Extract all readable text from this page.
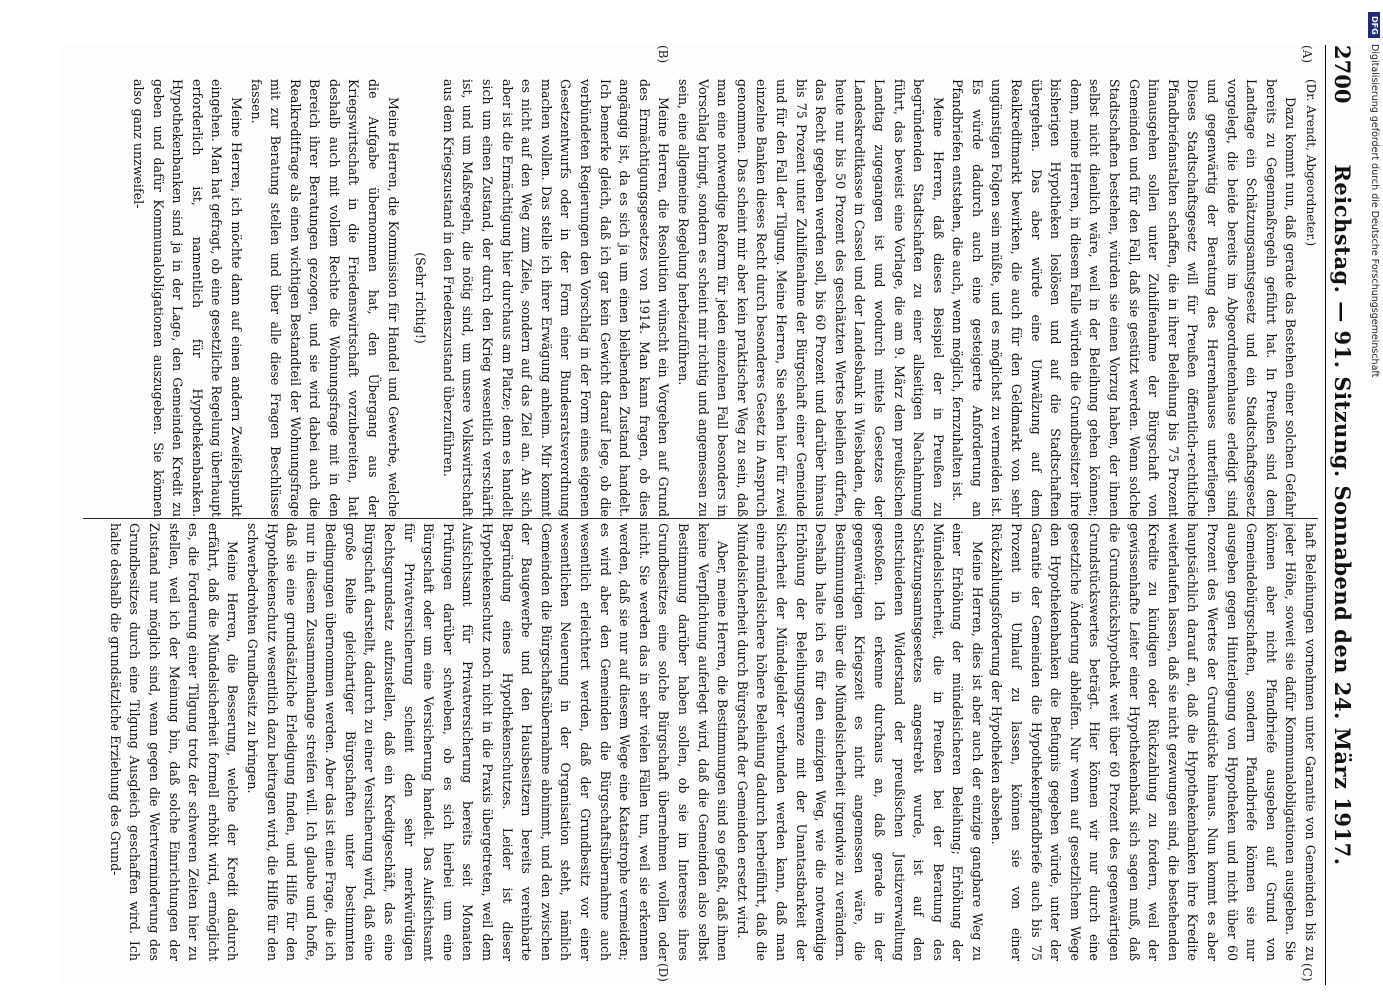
2700
Reichstag. — 91. Sitzung. Sonnabend den 24. März 1917.
(A)
(B)
(C)
(D)

(Dr. Arendt, Abgeordneter.)

Dazu kommt nun, daß gerade das Bestehen einer solchen Gefahr bereits zu Gegenmaßregeln geführt hat. In Preußen sind dem Landtage ein Schätzungsamtsgesetz und ein Stadtschaftsgesetz vorgelegt, die beide bereits im Abgeordnetenhause erledigt sind und gegenwärtig der Beratung des Herrenhauses unterliegen. Dieses Stadtschaftsgesetz will für Preußen öffentlich-rechtliche Pfandbriefanstalten schaffen, die in ihrer Beleihung bis 75 Prozent hinausgehen sollen unter Zuhilfenahme der Bürgschaft von Gemeinden und für den Fall, daß sie gestützt werden. Wenn solche Stadtschaften bestehen, würden sie einen Vorzug haben, der ihnen selbst nicht dienlich wäre, weil in der Beleihung gehen können; denn, meine Herren, in diesem Falle würden die Grundbesitzer ihre bisherigen Hypotheken loslösen und auf die Stadtschaften übergehen. Das aber würde eine Umwälzung auf dem Realkreditmarkt bewirken, die auch für den Geldmarkt von sehr ungünstigen Folgen sein müßte, und es möglichst zu vermeiden ist. Es würde dadurch auch eine gesteigerte Anforderung an Pfandbriefen entstehen, die auch, wenn möglich, fernzuhalten ist.

Meine Herren, daß dieses Beispiel der in Preußen zu begründenden Stadtschaften zu einer allseitigen Nachahmung führt, das beweist eine Vorlage, die am 9. März dem preußischen Landtag zugegangen ist und wodurch mittels Gesetzes der Landeskreditkasse in Cassel und der Landesbank in Wiesbaden, die heute nur bis 50 Prozent des geschätzten Wertes beleihen dürfen, das Recht gegeben werden soll, bis 60 Prozent und darüber hinaus bis 75 Prozent unter Zuhilfenahme der Bürgschaft einer Gemeinde und für den Fall der Tilgung. Meine Herren, Sie sehen hier für zwei einzelne Banken dieses Recht durch besonderes Gesetz in Anspruch genommen. Das scheint mir aber kein praktischer Weg zu sein, daß man eine notwendige Reform für jeden einzelnen Fall besonders in Vorschlag bringt, sondern es scheint mir richtig und angemessen zu sein, eine allgemeine Regelung herbeizuführen.

Meine Herren, die Resolution wünscht ein Vorgehen auf Grund des Ermächtigungsgesetzes von 1914. Man kann fragen, ob dies angängig ist, da es sich ja um einen bleibenden Zustand handelt. Ich bemerke gleich, daß ich gar kein Gewicht darauf lege, ob die verbündeten Regierungen den Vorschlag in der Form eines eigenen Gesetzentwurfs oder in der Form einer Bundesratsverordnung machen wollen. Das stelle ich ihrer Erwägung anheim. Mir kommt es nicht auf den Weg zum Ziele, sondern auf das Ziel an. An sich aber ist die Ermächtigung hier durchaus am Platze; denn es handelt sich um einen Zustand, der durch den Krieg wesentlich verschärft ist, und um Maßregeln, die nötig sind, um unsere Volkswirtschaft aus dem Kriegszustand in den Friedenszustand überzuführen.

(Sehr richtig!)

Meine Herren, die Kommission für Handel und Gewerbe, welche die Aufgabe übernommen hat, den Übergang aus der Kriegswirtschaft in die Friedenswirtschaft vorzubereiten, hat deshalb auch mit vollem Rechte die Wohnungsfrage mit in den Bereich ihrer Beratungen gezogen, und sie wird dabei auch die Realkreditfrage als einen wichtigen Bestandteil der Wohnungsfrage mit zur Beratung stellen und über alle diese Fragen Beschlüsse fassen.

Meine Herren, ich möchte dann auf einen andern Zweifelspunkt eingehen. Man hat gefragt, ob eine gesetzliche Regelung überhaupt erforderlich ist, namentlich für Hypothekenbanken. Hypothekenbanken sind ja in der Lage, den Gemeinden Kredit zu geben und dafür Kommunalobligationen auszugeben. Sie können also ganz unzweifel-

haft Beleihungen vornehmen unter Garantie von Gemeinden bis zu jeder Höhe, soweit sie dafür Kommunalobligationen ausgeben. Sie können aber nicht Pfandbriefe ausgeben auf Grund von Gemeindebürgschaften, sondern Pfandbriefe können sie nur ausgeben gegen Hinterlegung von Hypotheken und nicht über 60 Prozent des Wertes der Grundstücke hinaus. Nun kommt es aber hauptsächlich darauf an, daß die Hypothekenbanken ihre Kredite weiterlaufen lassen, daß sie nicht gezwungen sind, die bestehenden Kredite zu kündigen oder Rückzahlung zu fordern, weil der gewissenhafte Leiter einer Hypothekenbank sich sagen muß, daß die Grundstückshypothek weit über 60 Prozent des gegenwärtigen Grundstückswertes beträgt. Hier können wir nur durch eine gesetzliche Änderung abhelfen. Nur wenn auf gesetzlichem Wege den Hypothekenbanken die Befugnis gegeben würde, unter der Garantie der Gemeinden die Hypothekenpfandbriefe auch bis 75 Prozent in Umlauf zu lassen, können sie von einer Rückzahlungsforderung der Hypotheken absehen.

Meine Herren, dies ist aber auch der einzige gangbare Weg zu einer Erhöhung der mündelsicheren Beleihung; Erhöhung der Mündelsicherheit, die in Preußen bei der Beratung des Schätzungsamtsgesetzes angestrebt wurde, ist auf den entschiedenen Widerstand der preußischen Justizverwaltung gestoßen. Ich erkenne durchaus an, daß gerade in der gegenwärtigen Kriegszeit es nicht angemessen wäre, die Bestimmungen über die Mündelsicherheit irgendwie zu verändern. Deshalb halte ich es für den einzigen Weg, wie die notwendige Erhöhung der Beleihungsgrenze mit der Unantastbarkeit der Sicherheit der Mündelgelder verbunden werden kann, daß man eine mündelsichere höhere Beleihung dadurch herbeiführt, daß die Mündelsicherheit durch Bürgschaft der Gemeinden ersetzt wird.

Aber, meine Herren, die Bestimmungen sind so gefaßt, daß ihnen keine Verpflichtung auferlegt wird, daß die Gemeinden also selbst Bestimmung darüber haben sollen, ob sie im Interesse ihres Grundbesitzes eine solche Bürgschaft übernehmen wollen oder nicht. Sie werden das in sehr vielen Fällen tun, weil sie erkennen werden, daß sie nur auf diesem Wege eine Katastrophe vermeiden; es wird aber den Gemeinden die Bürgschaftsübernahme auch wesentlich erleichtert werden, daß der Grundbesitz vor einer wesentlichen Neuerung in der Organisation steht, nämlich Gemeinden die Bürgschaftsübernahme abnimmt, und den zwischen der Baugewerbe und den Hausbesitzern bereits vereinbarte Begründung eines Hypothekenschutzes. Leider ist dieser Hypothekenschutz noch nicht in die Praxis übergetreten, weil dem Aufsichtsamt für Privatversicherung bereits seit Monaten Prüfungen darüber schweben, ob es sich hierbei um eine Bürgschaft oder um eine Versicherung handelt. Das Aufsichtsamt für Privatversicherung scheint den sehr merkwürdigen Rechtsgrundsatz aufzustellen, daß ein Kreditgeschäft, das eine Bürgschaft darstellt, dadurch zu einer Versicherung wird, daß eine große Reihe gleichartiger Bürgschaften unter bestimmten Bedingungen übernommen werden. Aber das ist eine Frage, die ich nur in diesem Zusammenhange streifen will. Ich glaube und hoffe, daß sie eine grundsätzliche Erledigung finden, und Hilfe für den Hypothekenschutz wesentlich dazu beitragen wird, die Hilfe für den schwerbedrohten Grundbesitz zu bringen.

Meine Herren, die Besserung, welche der Kredit dadurch erfährt, daß die Mündelsicherheit formell erhöht wird, ermöglicht es, die Forderung einer Tilgung trotz der schweren Zeiten hier zu stellen, weil ich der Meinung bin, daß solche Einrichtungen der Zustand nur möglich sind, wenn gegen die Wertverminderung des Grundbesitzes durch eine Tilgung Ausgleich geschaffen wird. Ich halte deshalb die grundsätzliche Erziehung des Grund-

DFG
Digitalisierung gefördert durch die Deutsche Forschungsgemeinschaft
